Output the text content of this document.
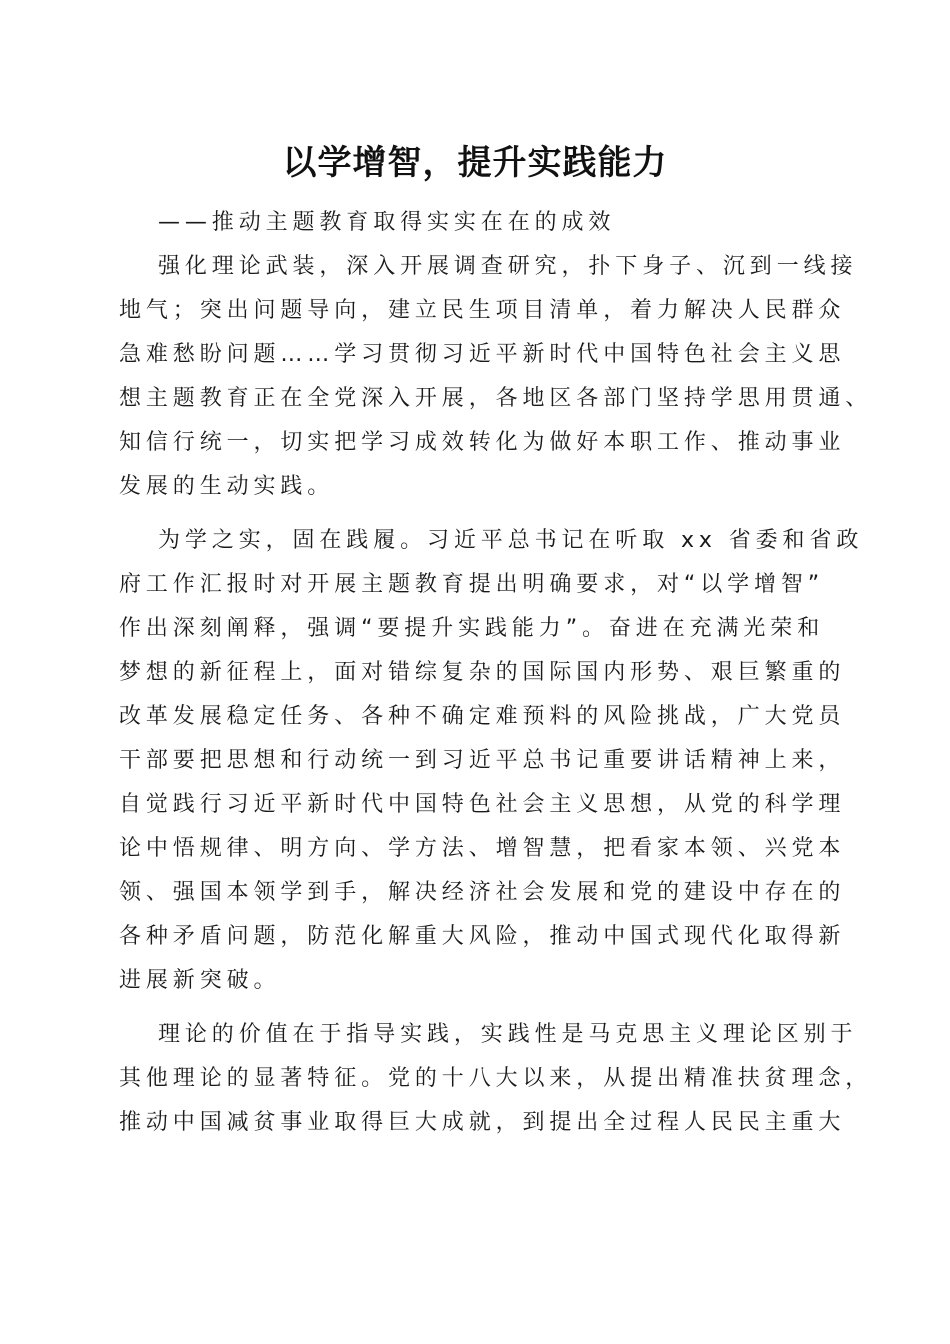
以学增智，提升实践能力
——推动主题教育取得实实在在的成效
强化理论武装，深入开展调查研究，扑下身子、沉到一线接
地气；突出问题导向，建立民生项目清单，着力解决人民群众
急难愁盼问题……学习贯彻习近平新时代中国特色社会主义思
想主题教育正在全党深入开展，各地区各部门坚持学思用贯通、
知信行统一，切实把学习成效转化为做好本职工作、推动事业
发展的生动实践。
为学之实，固在践履。习近平总书记在听取 xx 省委和省政
府工作汇报时对开展主题教育提出明确要求，对“以学增智”
作出深刻阐释，强调“要提升实践能力”。奋进在充满光荣和
梦想的新征程上，面对错综复杂的国际国内形势、艰巨繁重的
改革发展稳定任务、各种不确定难预料的风险挑战，广大党员
干部要把思想和行动统一到习近平总书记重要讲话精神上来，
自觉践行习近平新时代中国特色社会主义思想，从党的科学理
论中悟规律、明方向、学方法、增智慧，把看家本领、兴党本
领、强国本领学到手，解决经济社会发展和党的建设中存在的
各种矛盾问题，防范化解重大风险，推动中国式现代化取得新
进展新突破。
理论的价值在于指导实践，实践性是马克思主义理论区别于
其他理论的显著特征。党的十八大以来，从提出精准扶贫理念，
推动中国减贫事业取得巨大成就，到提出全过程人民民主重大
